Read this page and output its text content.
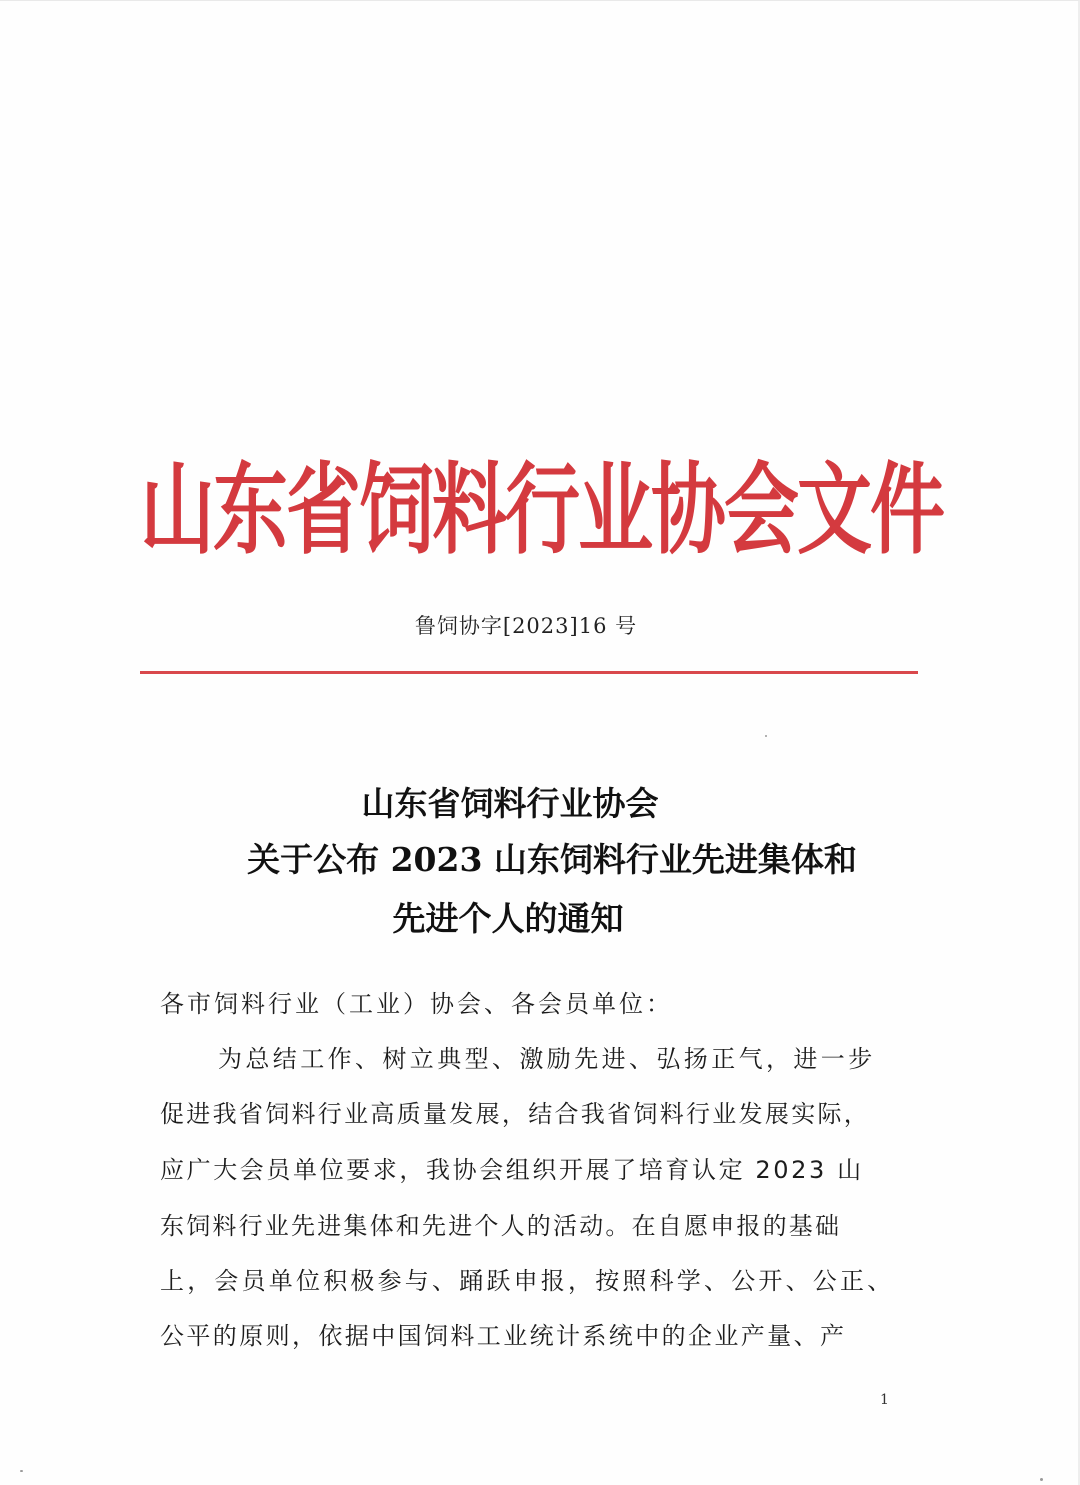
山东省饲料行业协会文件
鲁饲协字[2023]16 号
山东省饲料行业协会
关于公布 2023 山东饲料行业先进集体和
先进个人的通知
各市饲料行业（工业）协会、各会员单位：
为总结工作、树立典型、激励先进、弘扬正气，进一步
促进我省饲料行业高质量发展，结合我省饲料行业发展实际，
应广大会员单位要求，我协会组织开展了培育认定 2023 山
东饲料行业先进集体和先进个人的活动。在自愿申报的基础
上，会员单位积极参与、踊跃申报，按照科学、公开、公正、
公平的原则，依据中国饲料工业统计系统中的企业产量、产
1
